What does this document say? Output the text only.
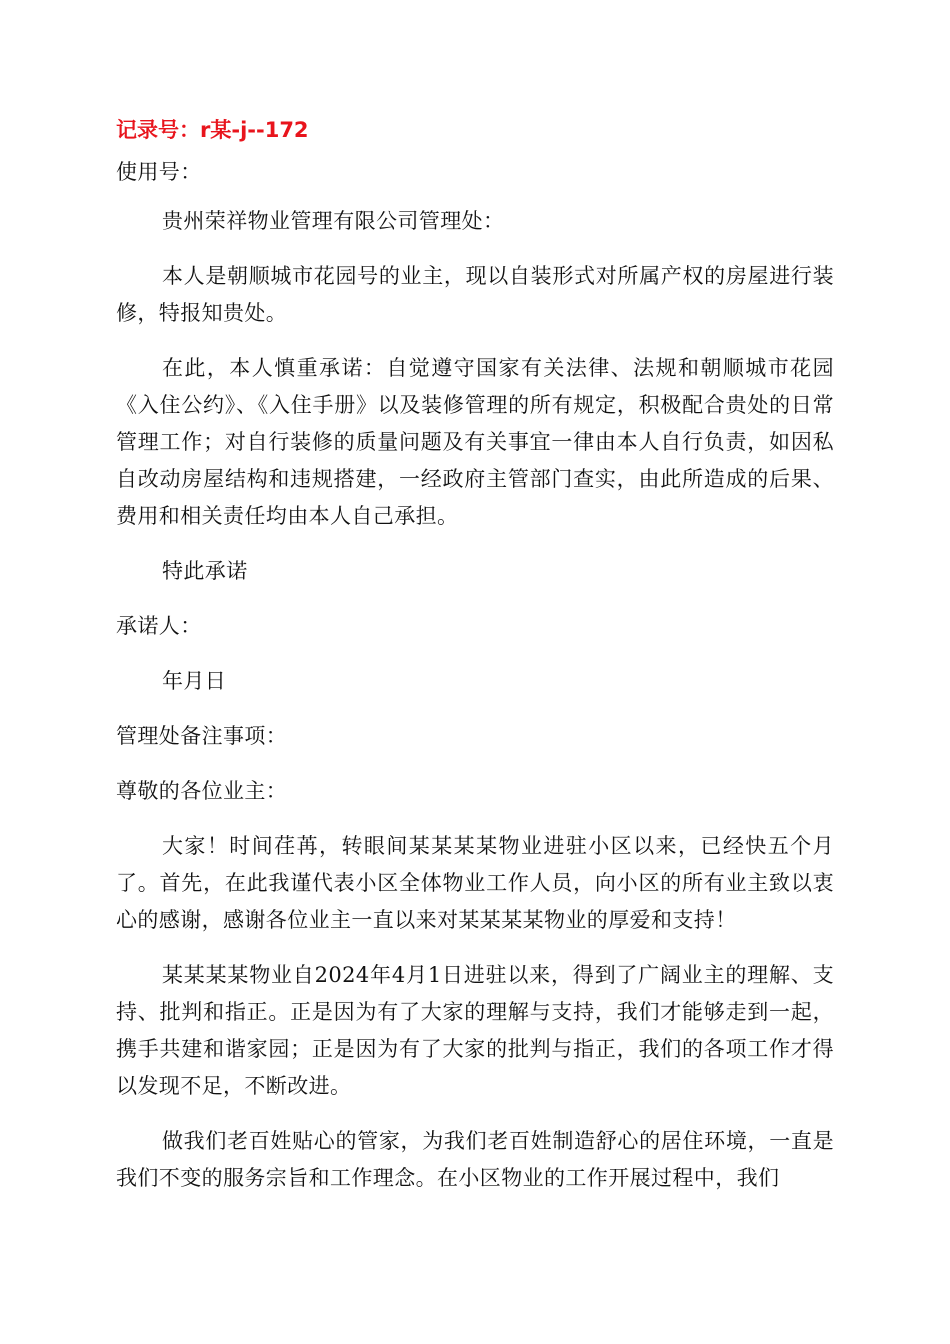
记录号：r某-j--172

使用号：

贵州荣祥物业管理有限公司管理处：

本人是朝顺城市花园号的业主，现以自装形式对所属产权的房屋进行装修，特报知贵处。

在此，本人慎重承诺：自觉遵守国家有关法律、法规和朝顺城市花园《入住公约》、《入住手册》以及装修管理的所有规定，积极配合贵处的日常管理工作；对自行装修的质量问题及有关事宜一律由本人自行负责，如因私自改动房屋结构和违规搭建，一经政府主管部门查实，由此所造成的后果、费用和相关责任均由本人自己承担。

特此承诺

承诺人：

年月日

管理处备注事项：

尊敬的各位业主：

大家！时间荏苒，转眼间某某某某物业进驻小区以来，已经快五个月了。首先，在此我谨代表小区全体物业工作人员，向小区的所有业主致以衷心的感谢，感谢各位业主一直以来对某某某某物业的厚爱和支持！

某某某某物业自2024年4月1日进驻以来，得到了广阔业主的理解、支持、批判和指正。正是因为有了大家的理解与支持，我们才能够走到一起，携手共建和谐家园；正是因为有了大家的批判与指正，我们的各项工作才得以发现不足，不断改进。

做我们老百姓贴心的管家，为我们老百姓制造舒心的居住环境，一直是我们不变的服务宗旨和工作理念。在小区物业的工作开展过程中，我们
